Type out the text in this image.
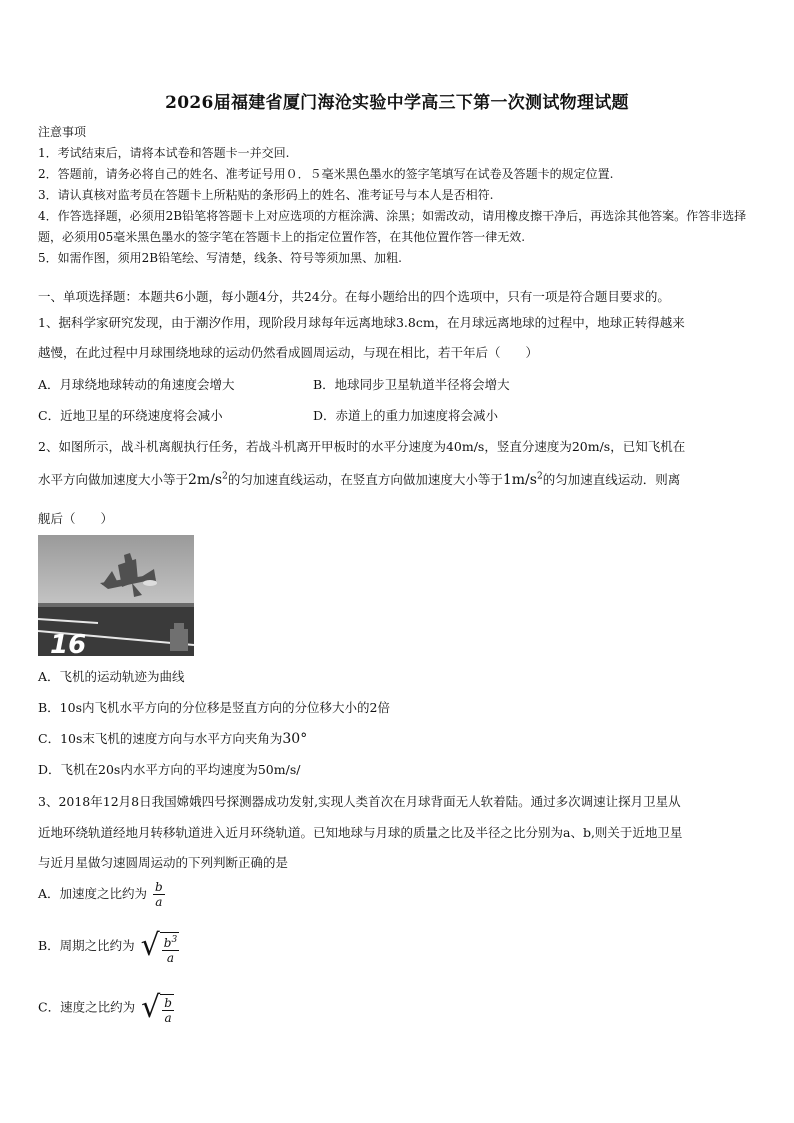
2026届福建省厦门海沧实验中学高三下第一次测试物理试题
注意事项
1．考试结束后，请将本试卷和答题卡一并交回.
2．答题前，请务必将自己的姓名、准考证号用０．５毫米黑色墨水的签字笔填写在试卷及答题卡的规定位置.
3．请认真核对监考员在答题卡上所粘贴的条形码上的姓名、准考证号与本人是否相符.
4．作答选择题，必须用2B铅笔将答题卡上对应选项的方框涂满、涂黑；如需改动，请用橡皮擦干净后，再选涂其他答案。作答非选择题，必须用05毫米黑色墨水的签字笔在答题卡上的指定位置作答，在其他位置作答一律无效.
5．如需作图，须用2B铅笔绘、写清楚，线条、符号等须加黑、加粗.
一、单项选择题：本题共6小题，每小题4分，共24分。在每小题给出的四个选项中，只有一项是符合题目要求的。
1、据科学家研究发现，由于潮汐作用，现阶段月球每年远离地球3.8cm，在月球远离地球的过程中，地球正转得越来
越慢，在此过程中月球围绕地球的运动仍然看成圆周运动，与现在相比，若干年后（　　）
A．月球绕地球转动的角速度会增大	B．地球同步卫星轨道半径将会增大
C．近地卫星的环绕速度将会减小	D．赤道上的重力加速度将会减小
2、如图所示，战斗机离舰执行任务，若战斗机离开甲板时的水平分速度为40m/s，竖直分速度为20m/s，已知飞机在
水平方向做加速度大小等于$2m/s^2$的匀加速直线运动，在竖直方向做加速度大小等于$1m/s^2$的匀加速直线运动．则离
舰后（　　）
16
A．飞机的运动轨迹为曲线
B．10s内飞机水平方向的分位移是竖直方向的分位移大小的2倍
C．10s末飞机的速度方向与水平方向夹角为30°
D．飞机在20s内水平方向的平均速度为50m/s/
3、2018年12月8日我国嫦娥四号探测器成功发射,实现人类首次在月球背面无人软着陆。通过多次调速让探月卫星从
近地环绕轨道经地月转移轨道进入近月环绕轨道。已知地球与月球的质量之比及半径之比分别为a、b,则关于近地卫星
与近月星做匀速圆周运动的下列判断正确的是
A．加速度之比约为 $\frac{b}{a}$
B．周期之比约为 √ $\frac{b^3}{a}$
C．速度之比约为 √ $\frac{b}{a}$
